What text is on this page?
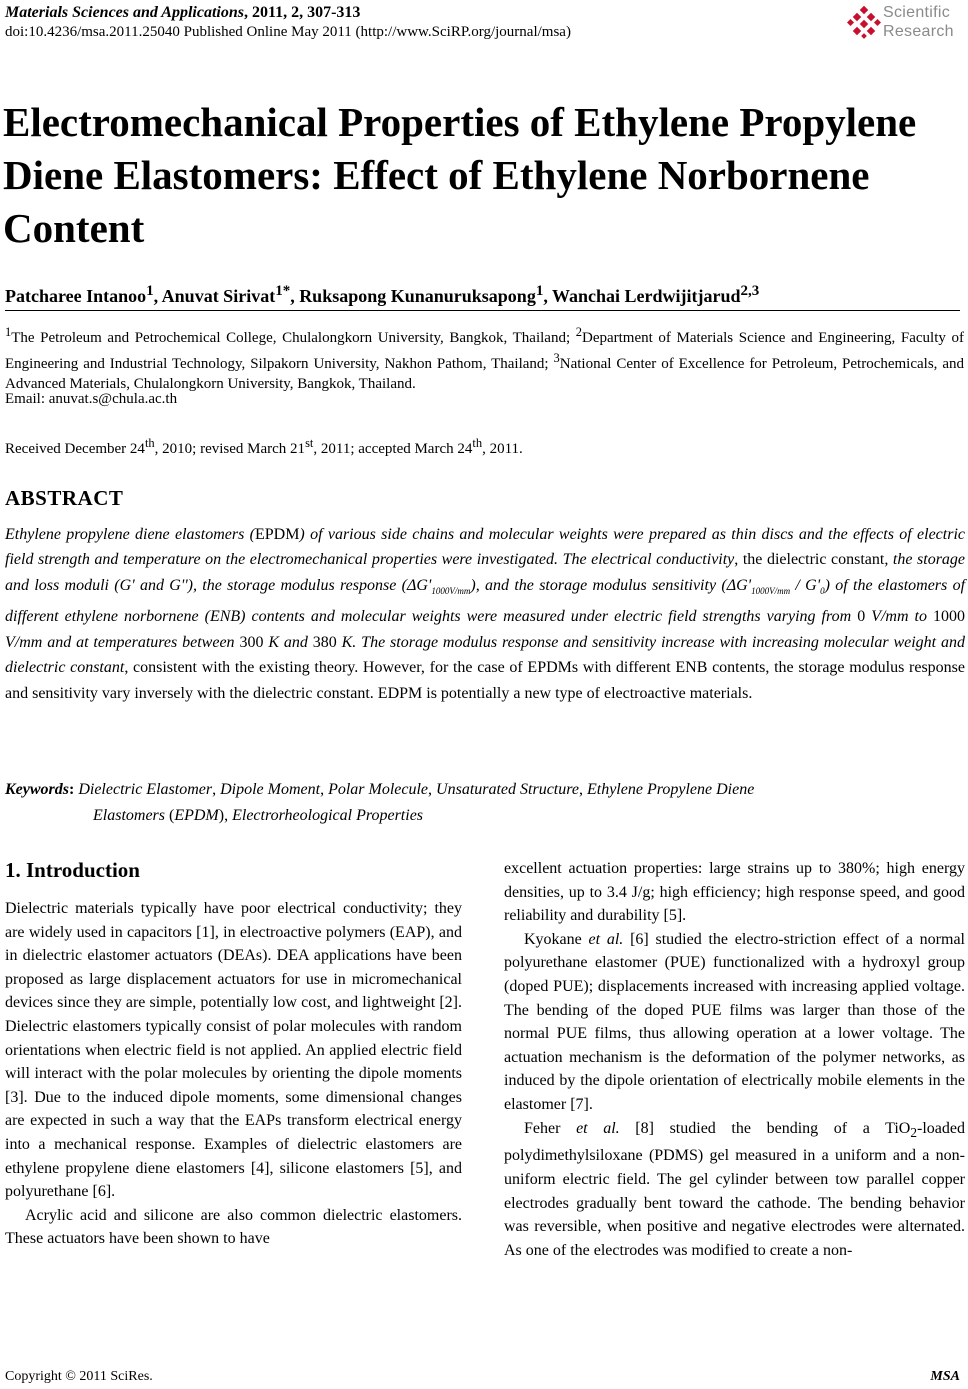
Materials Sciences and Applications, 2011, 2, 307-313
doi:10.4236/msa.2011.25040 Published Online May 2011 (http://www.SciRP.org/journal/msa)
Scientific
Research
Electromechanical Properties of Ethylene Propylene Diene Elastomers: Effect of Ethylene Norbornene Content
Patcharee Intanoo$^1$, Anuvat Sirivat$^{1*}$, Ruksapong Kunanuruksapong$^1$, Wanchai Lerdwijitjarud$^{2,3}$
$^1$The Petroleum and Petrochemical College, Chulalongkorn University, Bangkok, Thailand; $^2$Department of Materials Science and Engineering, Faculty of Engineering and Industrial Technology, Silpakorn University, Nakhon Pathom, Thailand; $^3$National Center of Excellence for Petroleum, Petrochemicals, and Advanced Materials, Chulalongkorn University, Bangkok, Thailand.
Email: anuvat.s@chula.ac.th
Received December 24th, 2010; revised March 21st, 2011; accepted March 24th, 2011.
ABSTRACT
Ethylene propylene diene elastomers (EPDM) of various side chains and molecular weights were prepared as thin discs and the effects of electric field strength and temperature on the electromechanical properties were investigated. The electrical conductivity, the dielectric constant, the storage and loss moduli (G' and G''), the storage modulus response $(\Delta G'_{1000V/mm})$, and the storage modulus sensitivity $(\Delta G'_{1000V/mm} / G'_0)$ of the elastomers of different ethylene norbornene (ENB) contents and molecular weights were measured under electric field strengths varying from 0 V/mm to 1000 V/mm and at temperatures between 300 K and 380 K. The storage modulus response and sensitivity increase with increasing molecular weight and dielectric constant, consistent with the existing theory. However, for the case of EPDMs with different ENB contents, the storage modulus response and sensitivity vary inversely with the dielectric constant. EDPM is potentially a new type of electroactive materials.
Keywords: Dielectric Elastomer, Dipole Moment, Polar Molecule, Unsaturated Structure, Ethylene Propylene Diene
Elastomers (EPDM), Electrorheological Properties
1. Introduction

Dielectric materials typically have poor electrical conductivity; they are widely used in capacitors [1], in electroactive polymers (EAP), and in dielectric elastomer actuators (DEAs). DEA applications have been proposed as large displacement actuators for use in micromechanical devices since they are simple, potentially low cost, and lightweight [2]. Dielectric elastomers typically consist of polar molecules with random orientations when electric field is not applied. An applied electric field will interact with the polar molecules by orienting the dipole moments [3]. Due to the induced dipole moments, some dimensional changes are expected in such a way that the EAPs transform electrical energy into a mechanical response. Examples of dielectric elastomers are ethylene propylene diene elastomers [4], silicone elastomers [5], and polyurethane [6].

Acrylic acid and silicone are also common dielectric elastomers. These actuators have been shown to have

excellent actuation properties: large strains up to 380%; high energy densities, up to 3.4 J/g; high efficiency; high response speed, and good reliability and durability [5].

Kyokane et al. [6] studied the electro-striction effect of a normal polyurethane elastomer (PUE) functionalized with a hydroxyl group (doped PUE); displacements increased with increasing applied voltage. The bending of the doped PUE films was larger than those of the normal PUE films, thus allowing operation at a lower voltage. The actuation mechanism is the deformation of the polymer networks, as induced by the dipole orientation of electrically mobile elements in the elastomer [7].

Feher et al. [8] studied the bending of a TiO$_2$-loaded polydimethylsiloxane (PDMS) gel measured in a uniform and a non-uniform electric field. The gel cylinder between tow parallel copper electrodes gradually bent toward the cathode. The bending behavior was reversible, when positive and negative electrodes were alternated. As one of the electrodes was modified to create a non-

Copyright © 2011 SciRes.	MSA
